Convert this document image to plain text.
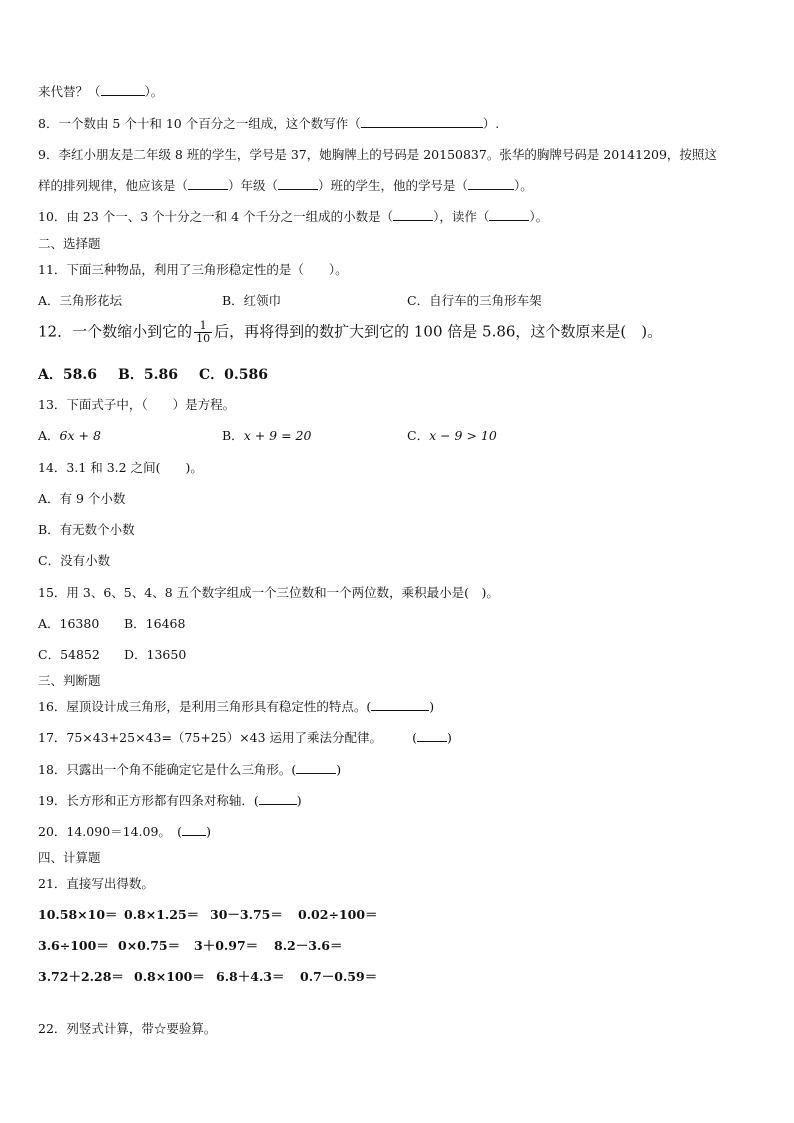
来代替？（	）。
8．一个数由 5 个十和 10 个百分之一组成，这个数写作（	）.
9．李红小朋友是二年级 8 班的学生，学号是 37，她胸牌上的号码是 20150837。张华的胸牌号码是 20141209，按照这
样的排列规律，他应该是（	）年级（	）班的学生，他的学号是（	）。
10．由 23 个一、3 个十分之一和 4 个千分之一组成的小数是（	），读作（	）。
二、选择题
11．下面三种物品，利用了三角形稳定性的是（　　）。
A．三角形花坛	B．红领巾	C．自行车的三角形车架
12．一个数缩小到它的 $\frac{1}{10}$ 后，再将得到的数扩大到它的 100 倍是 5.86，这个数原来是(　)。
A．58.6 B．5.86 C．0.586
13．下面式子中，（　　）是方程。
A．6x + 8	B．x + 9 = 20	C．x − 9 > 10
14．3.1 和 3.2 之间(　　)。
A．有 9 个小数
B．有无数个小数
C．没有小数
15．用 3、6、5、4、8 五个数字组成一个三位数和一个两位数，乘积最小是(　)。
A．16380 B．16468
C．54852 D．13650
三、判断题
16．屋顶设计成三角形，是利用三角形具有稳定性的特点。(	)
17．75×43+25×43=（75+25）×43 运用了乘法分配律。 ( )
18．只露出一个角不能确定它是什么三角形。(	)
19．长方形和正方形都有四条对称轴．(	)
20．14.090＝14.09。　( )
四、计算题
21．直接写出得数。
10.58×10＝ 0.8×1.25＝ 30－3.75＝ 0.02÷100＝
3.6÷100＝ 0×0.75＝ 3＋0.97＝ 8.2－3.6＝
3.72＋2.28＝ 0.8×100＝ 6.8＋4.3＝ 0.7－0.59＝
22．列竖式计算，带☆要验算。
